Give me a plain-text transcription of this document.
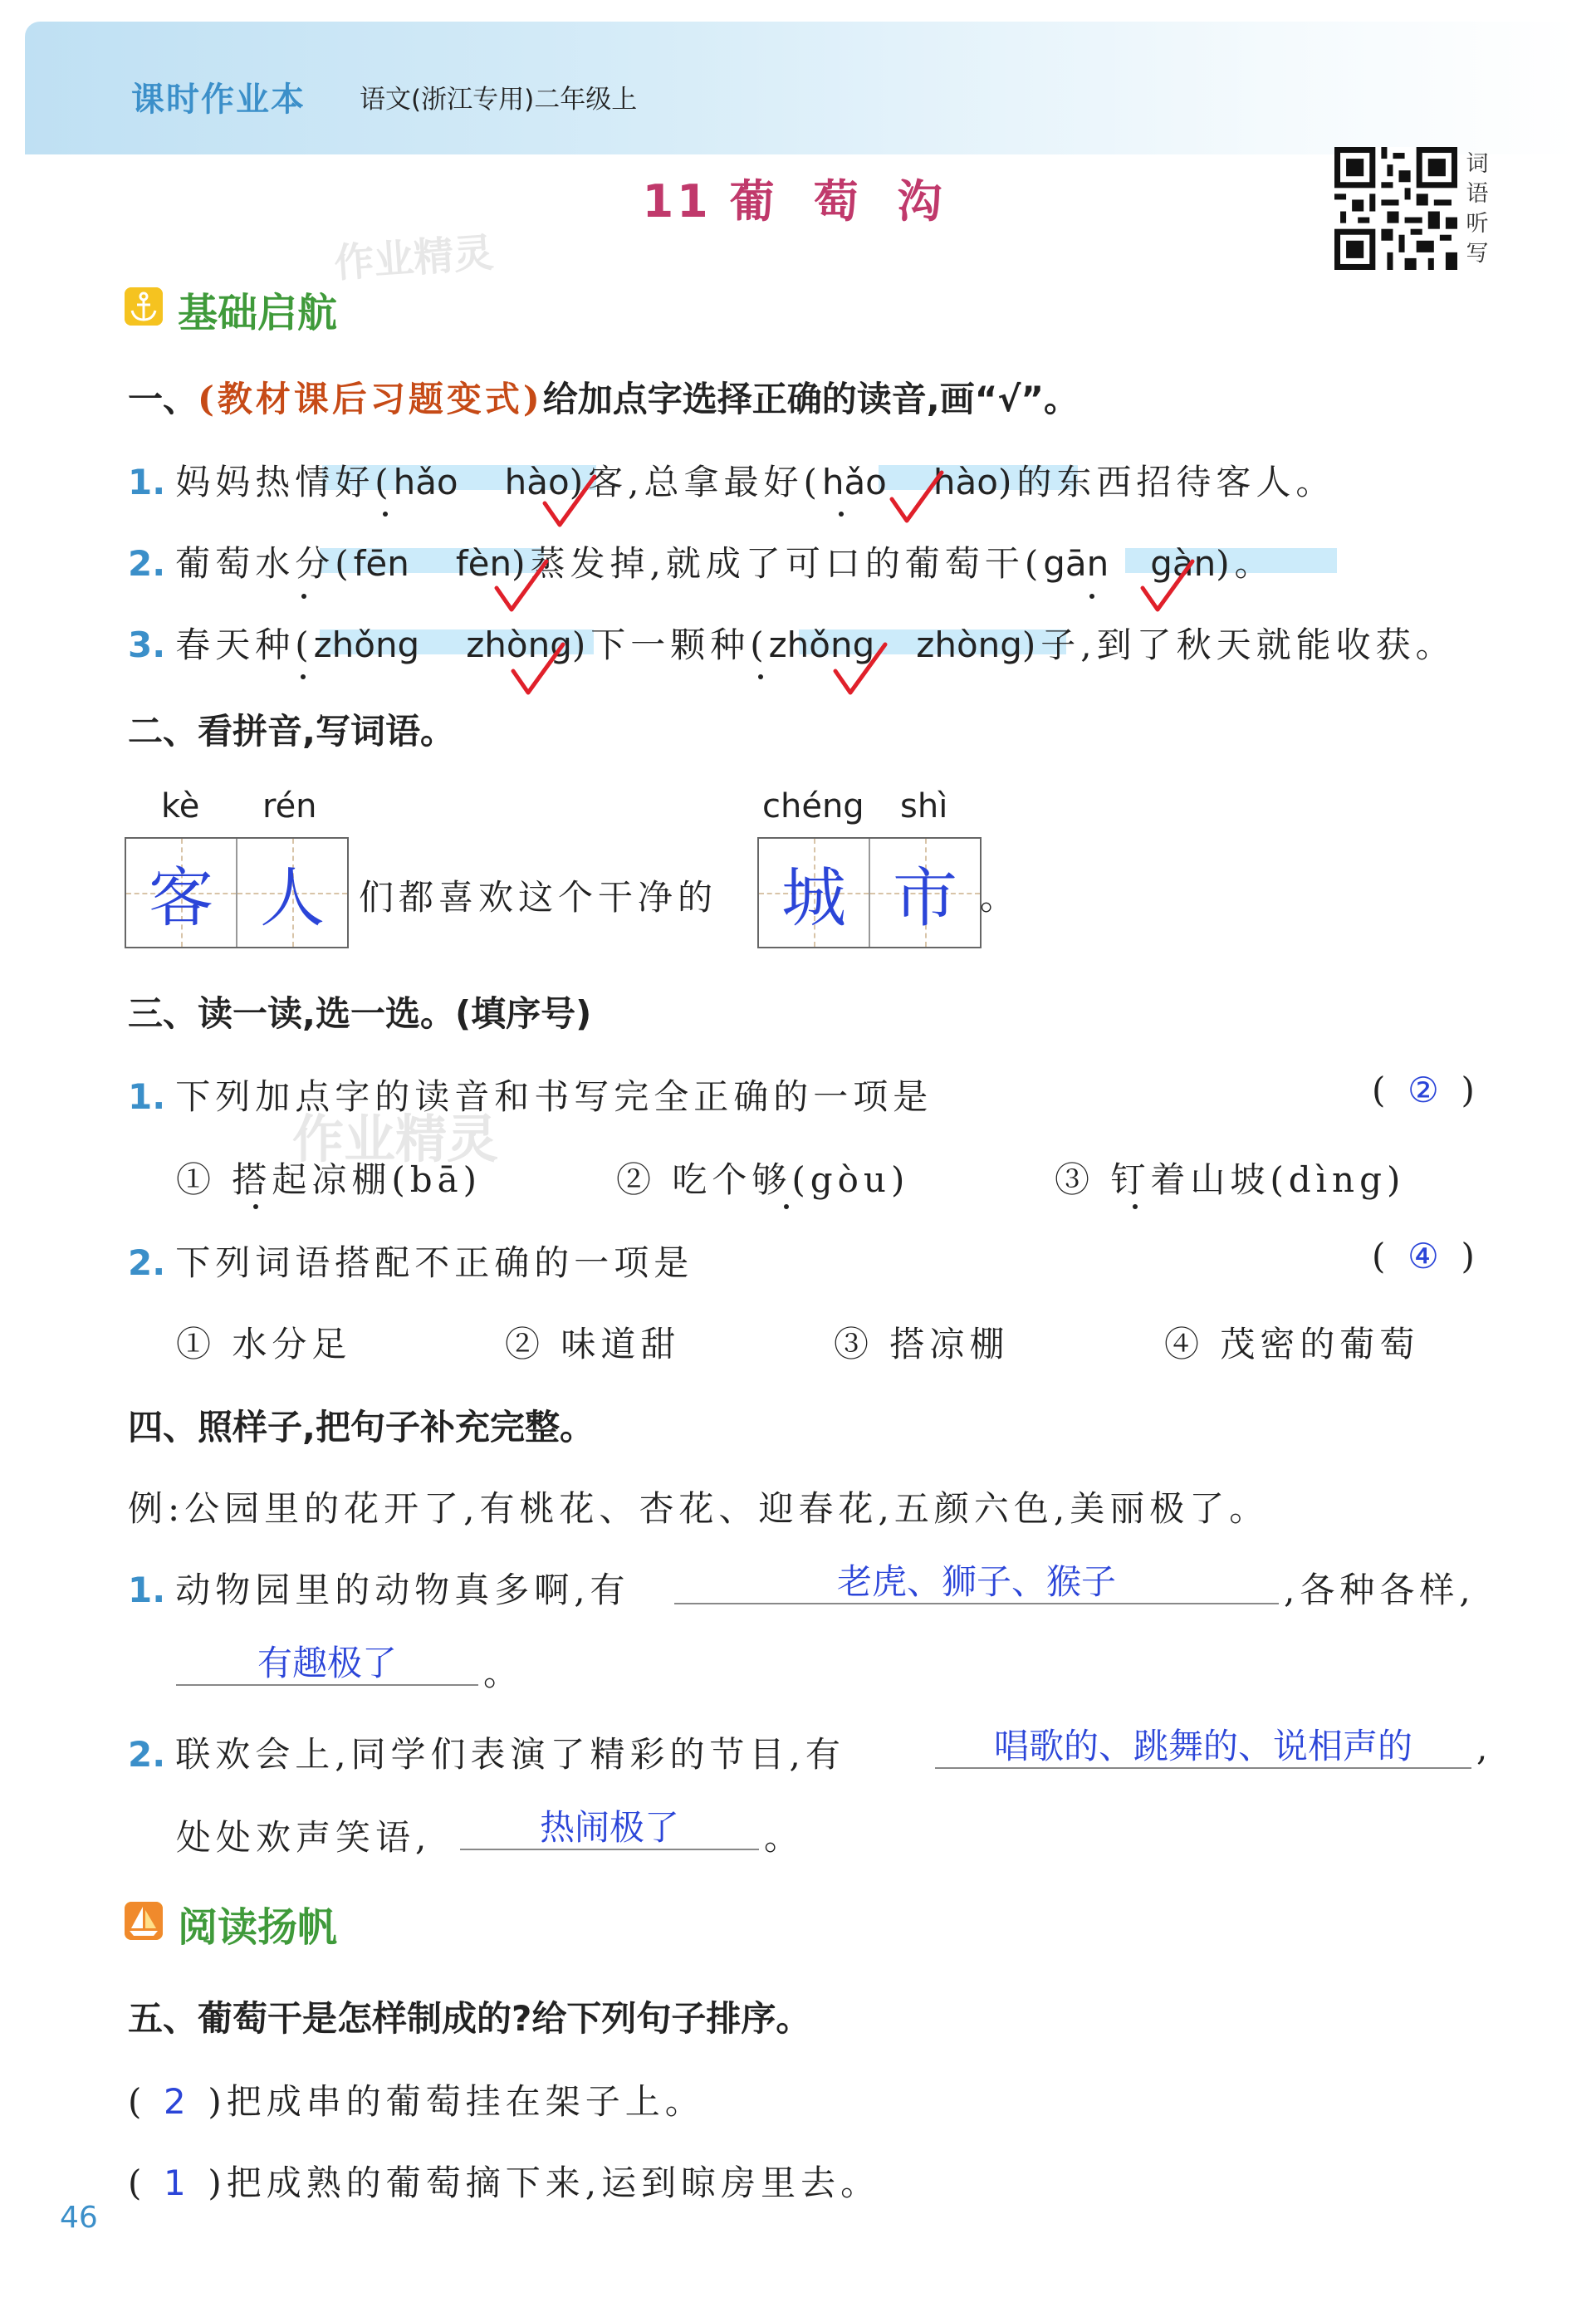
课时作业本 语文(浙江专用)二年级上
11 葡 萄 沟
词
语
听
写
作业精灵
作业精灵
基础启航
一、(教材课后习题变式)给加点字选择正确的读音,画“√”。
1. 妈妈热情好(hǎo hào)客,总拿最好(hǎo hào)的东西招待客人。
2. 葡萄水分(fēn fèn)蒸发掉,就成了可口的葡萄干(gān gàn)。
3. 春天种(zhǒng zhòng)下一颗种(zhǒng zhòng)子,到了秋天就能收获。
二、看拼音,写词语。
kè rén	chéng shì
客 人 们都喜欢这个干净的 城 市 。
三、读一读,选一选。(填序号)
1. 下列加点字的读音和书写完全正确的一项是	(  ②  )
① 搭起凉棚(bā)	② 吃个够(gòu)	③ 钉着山坡(dìng)
2. 下列词语搭配不正确的一项是	(  ④  )
① 水分足	② 味道甜	③ 搭凉棚	④ 茂密的葡萄
四、照样子,把句子补充完整。
例:公园里的花开了,有桃花、杏花、迎春花,五颜六色,美丽极了。
1. 动物园里的动物真多啊,有	老虎、狮子、猴子	,各种各样,
有趣极了	。
2. 联欢会上,同学们表演了精彩的节目,有	唱歌的、跳舞的、说相声的	,
处处欢声笑语,	热闹极了	。
阅读扬帆
五、葡萄干是怎样制成的?给下列句子排序。
( 2 )把成串的葡萄挂在架子上。
( 1 )把成熟的葡萄摘下来,运到晾房里去。
46
